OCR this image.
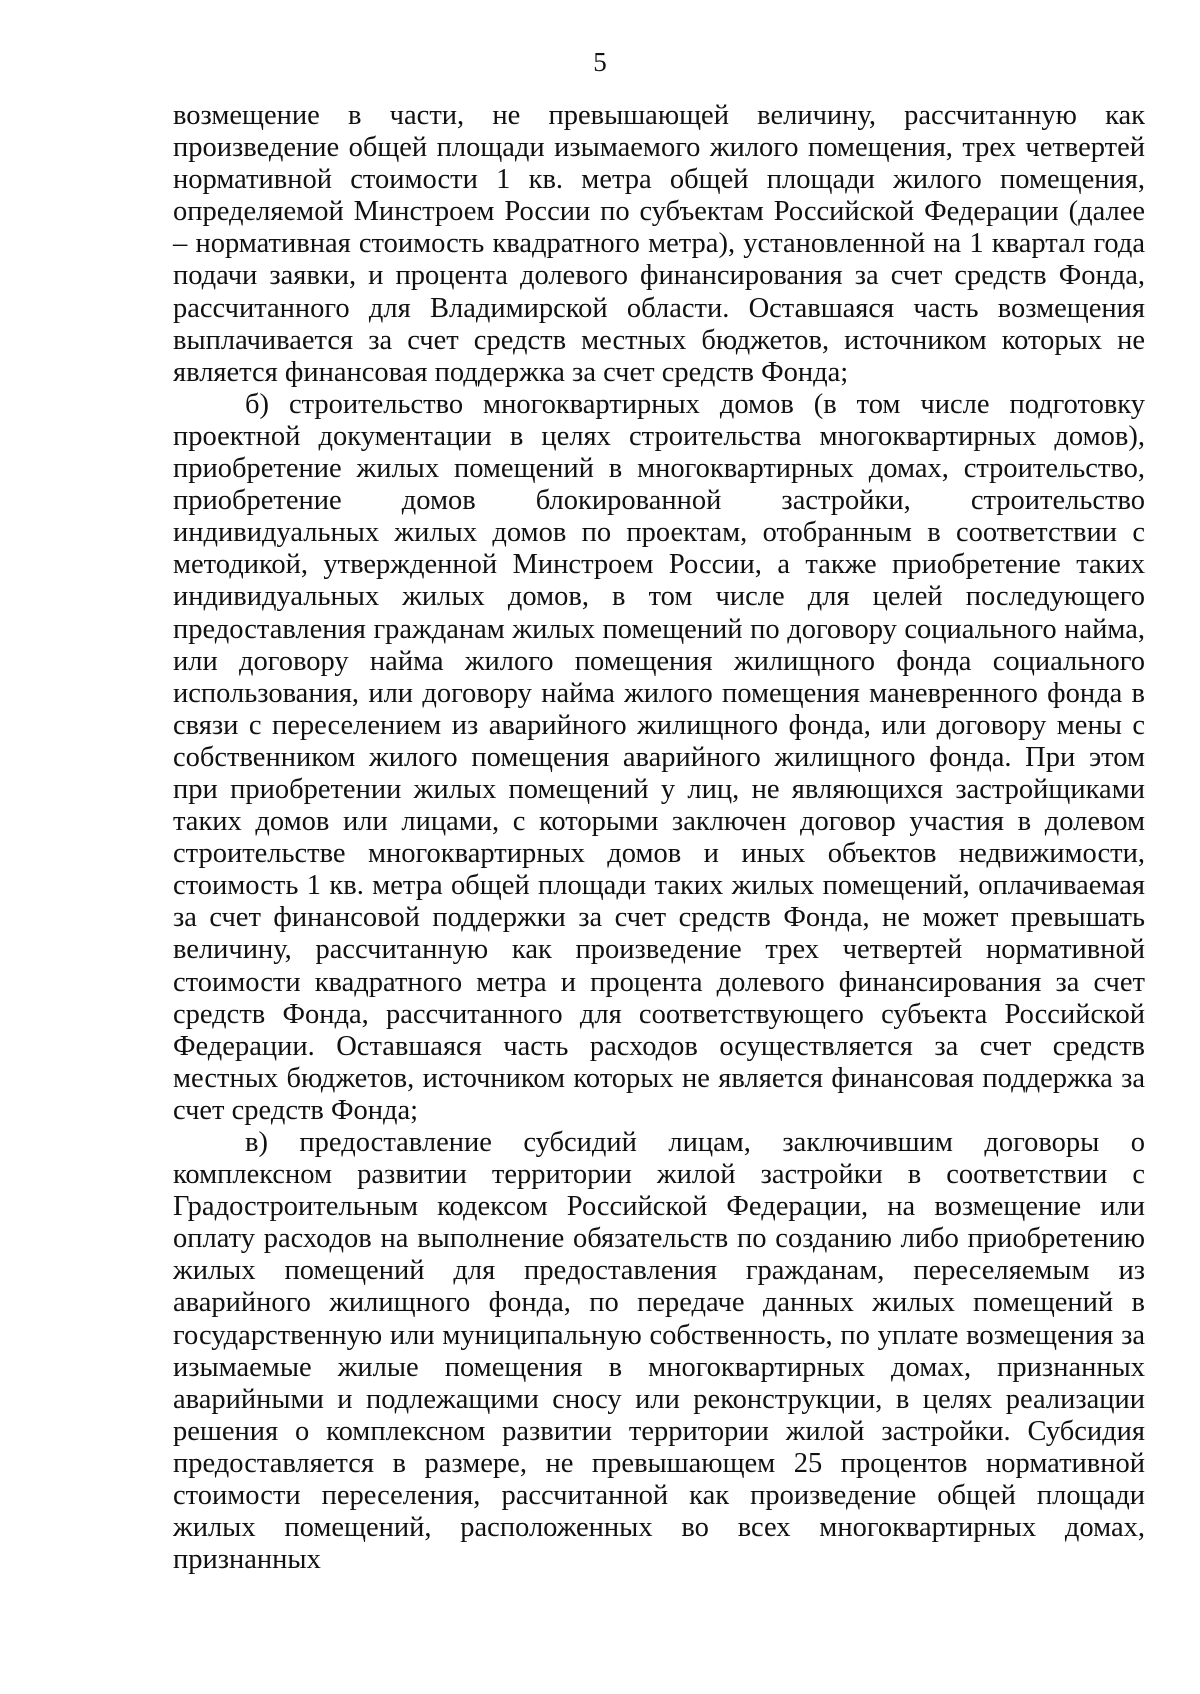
5

возмещение в части, не превышающей величину, рассчитанную как произведение общей площади изымаемого жилого помещения, трех четвертей нормативной стоимости 1 кв. метра общей площади жилого помещения, определяемой Минстроем России по субъектам Российской Федерации (далее – нормативная стоимость квадратного метра), установленной на 1 квартал года подачи заявки, и процента долевого финансирования за счет средств Фонда, рассчитанного для Владимирской области. Оставшаяся часть возмещения выплачивается за счет средств местных бюджетов, источником которых не является финансовая поддержка за счет средств Фонда;

б) строительство многоквартирных домов (в том числе подготовку проектной документации в целях строительства многоквартирных домов), приобретение жилых помещений в многоквартирных домах, строительство, приобретение домов блокированной застройки, строительство индивидуальных жилых домов по проектам, отобранным в соответствии с методикой, утвержденной Минстроем России, а также приобретение таких индивидуальных жилых домов, в том числе для целей последующего предоставления гражданам жилых помещений по договору социального найма, или договору найма жилого помещения жилищного фонда социального использования, или договору найма жилого помещения маневренного фонда в связи с переселением из аварийного жилищного фонда, или договору мены с собственником жилого помещения аварийного жилищного фонда. При этом при приобретении жилых помещений у лиц, не являющихся застройщиками таких домов или лицами, с которыми заключен договор участия в долевом строительстве многоквартирных домов и иных объектов недвижимости, стоимость 1 кв. метра общей площади таких жилых помещений, оплачиваемая за счет финансовой поддержки за счет средств Фонда, не может превышать величину, рассчитанную как произведение трех четвертей нормативной стоимости квадратного метра и процента долевого финансирования за счет средств Фонда, рассчитанного для соответствующего субъекта Российской Федерации. Оставшаяся часть расходов осуществляется за счет средств местных бюджетов, источником которых не является финансовая поддержка за счет средств Фонда;

в) предоставление субсидий лицам, заключившим договоры о комплексном развитии территории жилой застройки в соответствии с Градостроительным кодексом Российской Федерации, на возмещение или оплату расходов на выполнение обязательств по созданию либо приобретению жилых помещений для предоставления гражданам, переселяемым из аварийного жилищного фонда, по передаче данных жилых помещений в государственную или муниципальную собственность, по уплате возмещения за изымаемые жилые помещения в многоквартирных домах, признанных аварийными и подлежащими сносу или реконструкции, в целях реализации решения о комплексном развитии территории жилой застройки. Субсидия предоставляется в размере, не превышающем 25 процентов нормативной стоимости переселения, рассчитанной как произведение общей площади жилых помещений, расположенных во всех многоквартирных домах, признанных
